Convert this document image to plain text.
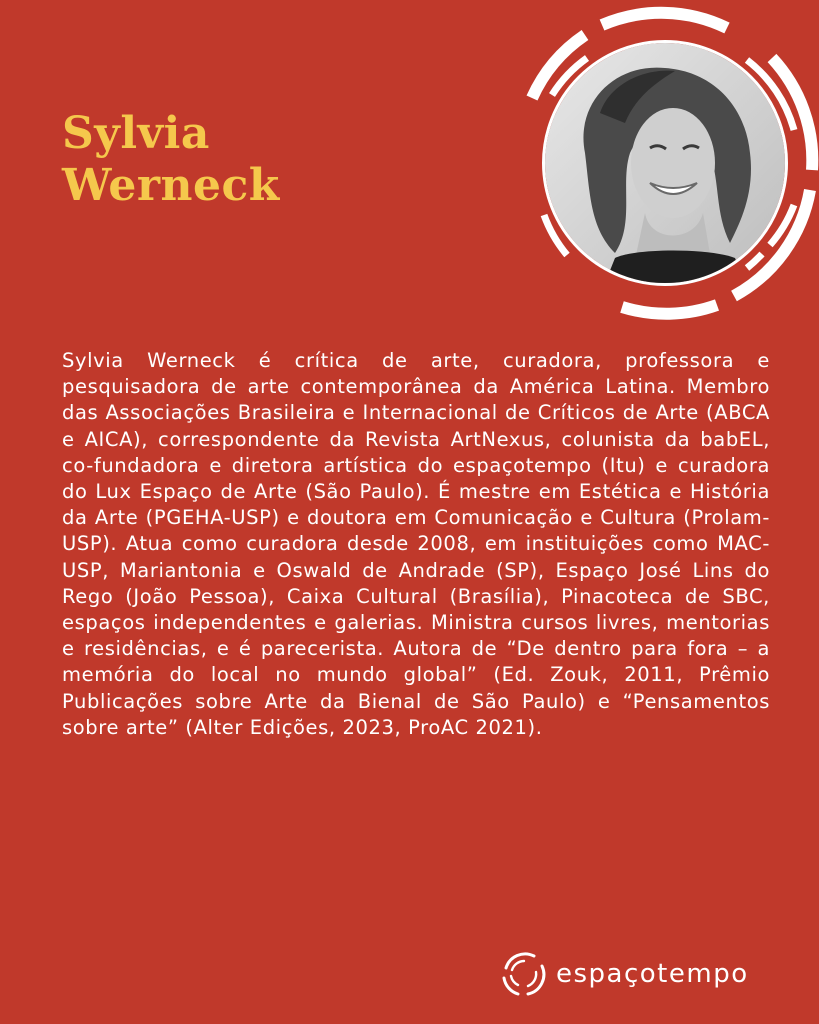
Sylvia
Werneck

Sylvia Werneck é crítica de arte, curadora, professora e pesquisadora de arte contemporânea da América Latina. Membro das Associações Brasileira e Internacional de Críticos de Arte (ABCA e AICA), correspondente da Revista ArtNexus, colunista da babEL, co-fundadora e diretora artística do espaçotempo (Itu) e curadora do Lux Espaço de Arte (São Paulo). É mestre em Estética e História da Arte (PGEHA-USP) e doutora em Comunicação e Cultura (Prolam-USP). Atua como curadora desde 2008, em instituições como MAC-USP, Mariantonia e Oswald de Andrade (SP), Espaço José Lins do Rego (João Pessoa), Caixa Cultural (Brasília), Pinacoteca de SBC, espaços independentes e galerias. Ministra cursos livres, mentorias e residências, e é parecerista. Autora de “De dentro para fora – a memória do local no mundo global” (Ed. Zouk, 2011, Prêmio Publicações sobre Arte da Bienal de São Paulo) e “Pensamentos sobre arte” (Alter Edições, 2023, ProAC 2021).

espaçotempo
